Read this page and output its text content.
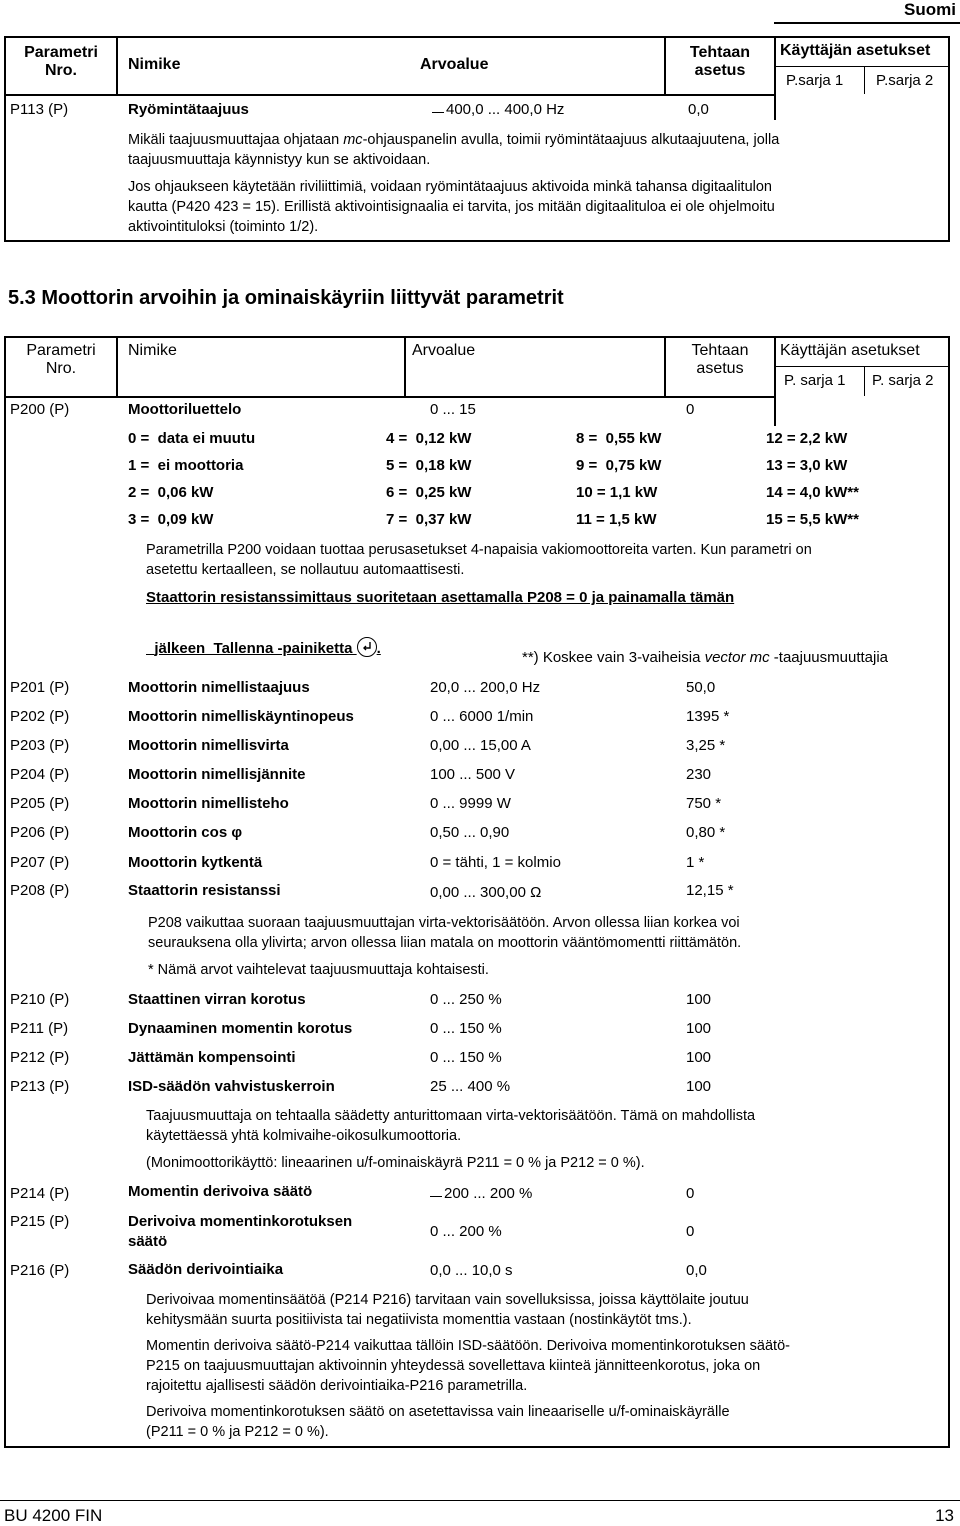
Suomi
Parametri
Nro.	Nimike	Arvoalue
Tehtaan
asetus
Käyttäjän asetukset
P.sarja 1 P.sarja 2
P113 (P)	Ryömintätaajuus	400,0 ... 400,0 Hz	0,0
Mikäli taajuusmuuttajaa ohjataan mc-ohjauspanelin avulla, toimii ryömintätaajuus alkutaajuutena, jolla
taajuusmuuttaja käynnistyy kun se aktivoidaan.
Jos ohjaukseen käytetään riviliittimiä, voidaan ryömintätaajuus aktivoida minkä tahansa digitaalitulon
kautta (P420 423 = 15). Erillistä aktivointisignaalia ei tarvita, jos mitään digitaalituloa ei ole ohjelmoitu
aktivointituloksi (toiminto 1/2).
5.3 Moottorin arvoihin ja ominaiskäyriin liittyvät parametrit
Parametri
Nro.
Nimike	Arvoalue	Tehtaan
asetus
Käyttäjän asetukset
P. sarja 1 P. sarja 2
P200 (P)	Moottoriluettelo	0 ... 15	0
0 =  data ei muutu	4 =  0,12 kW	8 =  0,55 kW	12 = 2,2 kW
1 =  ei moottoria	5 =  0,18 kW	9 =  0,75 kW	13 = 3,0 kW
2 =  0,06 kW	6 =  0,25 kW	10 = 1,1 kW	14 = 4,0 kW**
3 =  0,09 kW	7 =  0,37 kW	11 = 1,5 kW	15 = 5,5 kW**
Parametrilla P200 voidaan tuottaa perusasetukset 4-napaisia vakiomoottoreita varten. Kun parametri on
asetettu kertaalleen, se nollautuu automaattisesti.
Staattorin resistanssimittaus suoritetaan asettamalla P208 = 0 ja painamalla tämän

jälkeen  Tallenna -painiketta
.

**) Koskee vain 3-vaiheisia vector mc -taajuusmuuttajia
P201 (P)	Moottorin nimellistaajuus	20,0 ... 200,0 Hz	50,0
P202 (P)	Moottorin nimelliskäyntinopeus	0 ... 6000 1/min	1395 *
P203 (P)	Moottorin nimellisvirta	0,00 ... 15,00 A	3,25 *
P204 (P)	Moottorin nimellisjännite	100 ... 500 V	230
P205 (P)	Moottorin nimellisteho	0 ... 9999 W	750 *
P206 (P)	Moottorin cos φ	0,50 ... 0,90	0,80 *
P207 (P)	Moottorin kytkentä	0 = tähti, 1 = kolmio	1 *
P208 (P)	Staattorin resistanssi	0,00 ... 300,00 Ω	12,15 *
P208 vaikuttaa suoraan taajuusmuuttajan virta-vektorisäätöön. Arvon ollessa liian korkea voi
seurauksena olla ylivirta; arvon ollessa liian matala on moottorin vääntömomentti riittämätön.
* Nämä arvot vaihtelevat taajuusmuuttaja kohtaisesti.
P210 (P)	Staattinen virran korotus	0 ... 250 %	100
P211 (P)	Dynaaminen momentin korotus	0 ... 150 %	100
P212 (P)	Jättämän kompensointi	0 ... 150 %	100
P213 (P)	ISD-säädön vahvistuskerroin	25 ... 400 %	100
Taajuusmuuttaja on tehtaalla säädetty anturittomaan virta-vektorisäätöön. Tämä on mahdollista
käytettäessä yhtä kolmivaihe-oikosulkumoottoria.
(Monimoottorikäyttö: lineaarinen u/f-ominaiskäyrä P211 = 0 % ja P212 = 0 %).
P214 (P)	Momentin derivoiva säätö	200 ... 200 %	0
P215 (P)	Derivoiva momentinkorotuksen
säätö
0 ... 200 %	0
P216 (P)	Säädön derivointiaika	0,0 ... 10,0 s	0,0
Derivoivaa momentinsäätöä (P214 P216) tarvitaan vain sovelluksissa, joissa käyttölaite joutuu
kehitysmään suurta positiivista tai negatiivista momenttia vastaan (nostinkäytöt tms.).
Momentin derivoiva säätö-P214 vaikuttaa tällöin ISD-säätöön. Derivoiva momentinkorotuksen säätö-
P215 on taajuusmuuttajan aktivoinnin yhteydessä sovellettava kiinteä jännitteenkorotus, joka on
rajoitettu ajallisesti säädön derivointiaika-P216 parametrilla.
Derivoiva momentinkorotuksen säätö on asetettavissa vain lineaariselle u/f-ominaiskäyrälle
(P211 = 0 % ja P212 = 0 %).
BU 4200 FIN	13
